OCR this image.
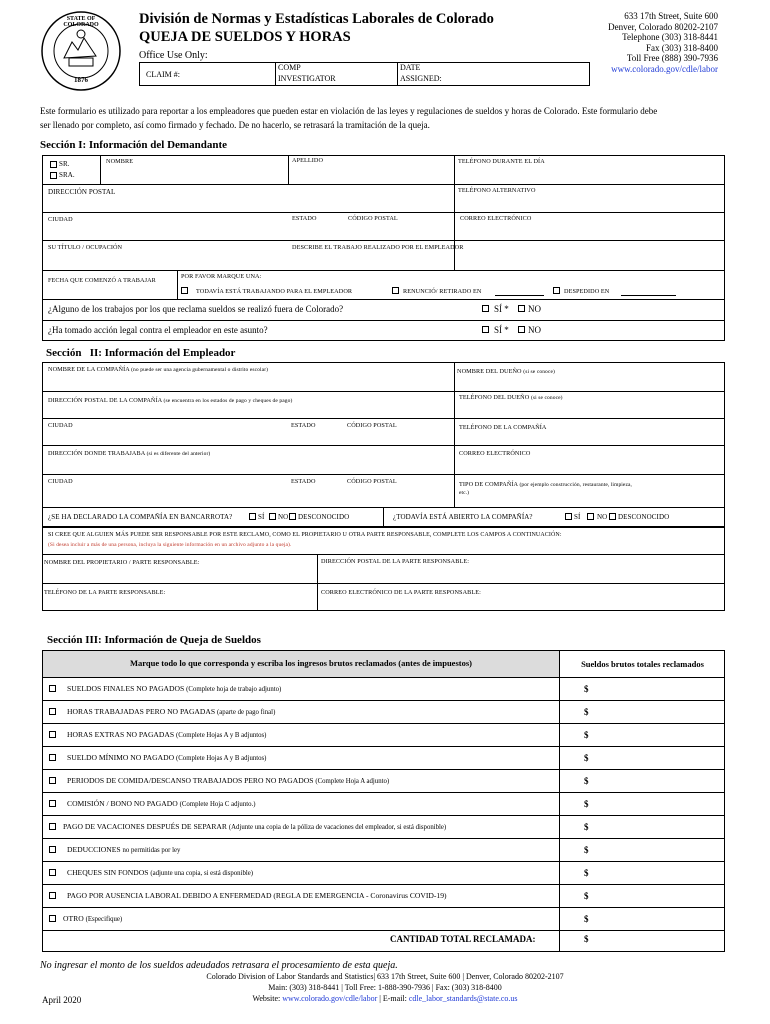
STATE OF COLORADO
1876
División de Normas y Estadísticas Laborales de Colorado
QUEJA DE SUELDOS Y HORAS
Office Use Only:
CLAIM #:
COMP
INVESTIGATOR
DATE
ASSIGNED:
633 17th Street, Suite 600
Denver, Colorado 80202-2107
Telephone (303) 318-8441
Fax (303) 318-8400
Toll Free (888) 390-7936
www.colorado.gov/cdle/labor
Este formulario es utilizado para reportar a los empleadores que pueden estar en violación de las leyes y regulaciones de sueldos y horas de Colorado. Este formulario debe ser llenado por completo, así como firmado y fechado. De no hacerlo, se retrasará la tramitación de la queja.
Sección I: Información del Demandante
SR.
SRA.
NOMBRE	APELLIDO	TELÉFONO DURANTE EL DÍA
DIRECCIÓN POSTAL	TELÉFONO ALTERNATIVO
CIUDAD	ESTADO	CÓDIGO POSTAL	CORREO ELECTRÓNICO
SU TÍTULO / OCUPACIÓN	DESCRIBE EL TRABAJO REALIZADO POR EL EMPLEADOR
FECHA QUE COMENZÓ A TRABAJAR
POR FAVOR MARQUE UNA:
TODAVÍA ESTÁ TRABAJANDO PARA EL EMPLEADOR	RENUNCIÓ/ RETIRADO EN	DESPEDIDO EN
¿Alguno de los trabajos por los que reclama sueldos se realizó fuera de Colorado?	SÍ * NO
¿Ha tomado acción legal contra el empleador en este asunto?	SÍ * NO
Sección   II: Información del Empleador
NOMBRE DE LA COMPAÑÍA (no puede ser una agencia gubernamental o distrito escolar)	NOMBRE DEL DUEÑO (si se conoce)
DIRECCIÓN POSTAL DE LA COMPAÑÍA (se encuentra en los estados de pago y cheques de pago)	TELÉFONO DEL DUEÑO (si se conoce)
CIUDAD	ESTADO	CÓDIGO POSTAL	TELÉFONO DE LA COMPAÑÍA
DIRECCIÓN DONDE TRABAJABA (si es diferente del anterior)	CORREO ELECTRÓNICO
CIUDAD	ESTADO	CÓDIGO POSTAL	TIPO DE COMPAÑÍA (por ejemplo construcción, restaurante, limpieza,
etc.)
¿SE HA DECLARADO LA COMPAÑÍA EN BANCARROTA?	SÍ NO DESCONOCIDO	¿TODAVÍA ESTÁ ABIERTO LA COMPAÑÍA?	SÍ NO DESCONOCIDO
SI CREE QUE ALGUIEN MÁS PUEDE SER RESPONSABLE POR ESTE RECLAMO, COMO EL PROPIETARIO U OTRA PARTE RESPONSABLE, COMPLETE LOS CAMPOS A CONTINUACIÓN:
(Si desea incluir a más de una persona, incluya la siguiente información en un archivo adjunto a la queja).
NOMBRE DEL PROPIETARIO / PARTE RESPONSABLE:	DIRECCIÓN POSTAL DE LA PARTE RESPONSABLE:
TELÉFONO DE LA PARTE RESPONSABLE:	CORREO ELECTRÓNICO DE LA PARTE RESPONSABLE:
Sección III: Información de Queja de Sueldos
Marque todo lo que corresponda y escriba los ingresos brutos reclamados (antes de impuestos)	Sueldos brutos totales reclamados
SUELDOS FINALES NO PAGADOS (Complete hoja de trabajo adjunto)	$
HORAS TRABAJADAS PERO NO PAGADAS (aparte de pago final)	$
HORAS EXTRAS NO PAGADAS (Complete Hojas A y B adjuntos)	$
SUELDO MÍNIMO NO PAGADO (Complete Hojas A y B adjuntos)	$
PERIODOS DE COMIDA/DESCANSO TRABAJADOS PERO NO PAGADOS (Complete Hoja A adjunto)	$
COMISIÓN / BONO NO PAGADO (Complete Hoja C adjunto.)	$
PAGO DE VACACIONES DESPUÉS DE SEPARAR (Adjunte una copia de la póliza de vacaciones del empleador, si está disponible)	$
DEDUCCIONES no permitidas por ley	$
CHEQUES SIN FONDOS (adjunte una copia, si está disponible)	$
PAGO POR AUSENCIA LABORAL DEBIDO A ENFERMEDAD (REGLA DE EMERGENCIA - Coronavirus COVID-19)	$
OTRO (Especifique)	$
CANTIDAD TOTAL RECLAMADA:	$
No ingresar el monto de los sueldos adeudados retrasara el procesamiento de esta queja.
Colorado Division of Labor Standards and Statistics| 633 17th Street, Suite 600 | Denver, Colorado 80202-2107
Main: (303) 318-8441 | Toll Free: 1-888-390-7936 | Fax: (303) 318-8400
Website: www.colorado.gov/cdle/labor | E-mail: cdle_labor_standards@state.co.us
April 2020
